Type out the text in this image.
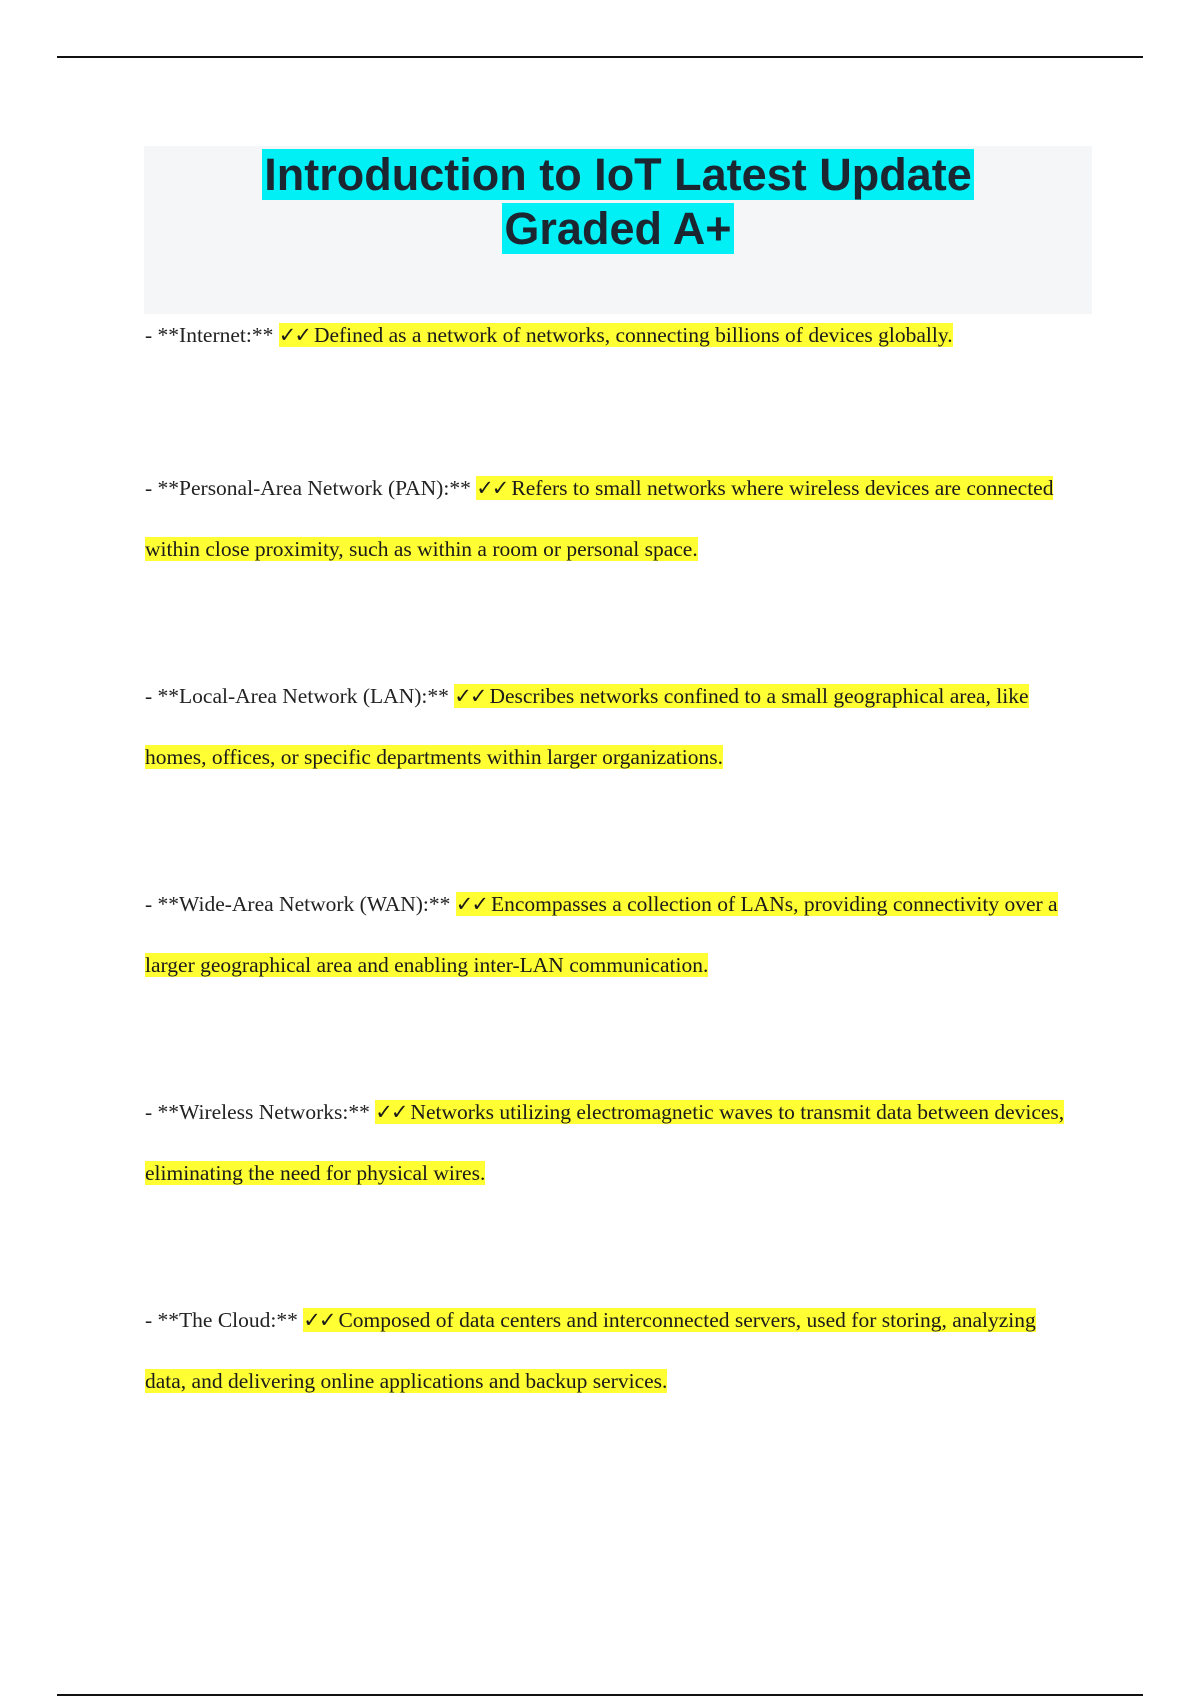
Introduction to IoT Latest Update
Graded A+

- **Internet:** ✓✓ Defined as a network of networks, connecting billions of devices globally.

- **Personal-Area Network (PAN):** ✓✓ Refers to small networks where wireless devices are connected within close proximity, such as within a room or personal space.

- **Local-Area Network (LAN):** ✓✓ Describes networks confined to a small geographical area, like homes, offices, or specific departments within larger organizations.

- **Wide-Area Network (WAN):** ✓✓ Encompasses a collection of LANs, providing connectivity over a larger geographical area and enabling inter-LAN communication.

- **Wireless Networks:** ✓✓ Networks utilizing electromagnetic waves to transmit data between devices, eliminating the need for physical wires.

- **The Cloud:** ✓✓ Composed of data centers and interconnected servers, used for storing, analyzing data, and delivering online applications and backup services.
